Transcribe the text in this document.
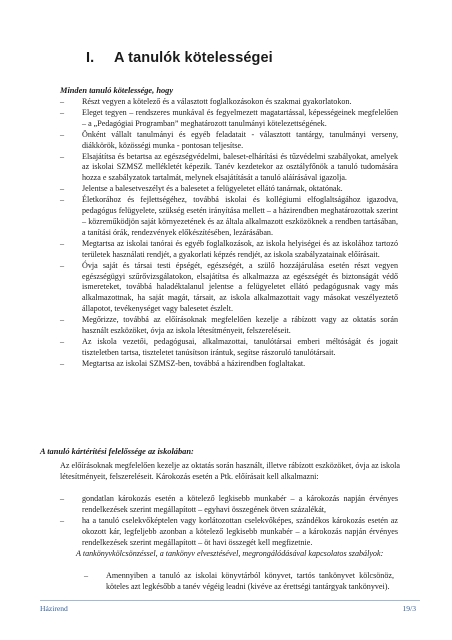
I. A tanulók kötelességei
Minden tanuló kötelessége, hogy
– Részt vegyen a kötelező és a választott foglalkozásokon és szakmai gyakorlatokon.
– Eleget tegyen – rendszeres munkával és fegyelmezett magatartással, képességeinek megfelelően – a „Pedagógiai Programban” meghatározott tanulmányi kötelezettségének.
– Önként vállalt tanulmányi és egyéb feladatait - választott tantárgy, tanulmányi verseny, diákkörök, közösségi munka - pontosan teljesítse.
– Elsajátítsa és betartsa az egészségvédelmi, baleset-elhárítási és tűzvédelmi szabályokat, amelyek az iskolai SZMSZ mellékletét képezik. Tanév kezdetekor az osztályfőnök a tanuló tudomására hozza e szabályzatok tartalmát, melynek elsajátítását a tanuló aláírásával igazolja.
– Jelentse a balesetveszélyt és a balesetet a felügyeletet ellátó tanárnak, oktatónak.
– Életkorához és fejlettségéhez, továbbá iskolai és kollégiumi elfoglaltságához igazodva, pedagógus felügyelete, szükség esetén irányítása mellett – a házirendben meghatározottak szerint – közreműködjön saját környezetének és az általa alkalmazott eszközöknek a rendben tartásában, a tanítási órák, rendezvények előkészítésében, lezárásában.
– Megtartsa az iskolai tanórai és egyéb foglalkozások, az iskola helyiségei és az iskolához tartozó területek használati rendjét, a gyakorlati képzés rendjét, az iskola szabályzatainak előírásait.
– Óvja saját és társai testi épségét, egészségét, a szülő hozzájárulása esetén részt vegyen egészségügyi szűrővizsgálatokon, elsajátítsa és alkalmazza az egészségét és biztonságát védő ismereteket, továbbá haladéktalanul jelentse a felügyeletet ellátó pedagógusnak vagy más alkalmazottnak, ha saját magát, társait, az iskola alkalmazottait vagy másokat veszélyeztető állapotot, tevékenységet vagy balesetet észlelt.
– Megőrizze, továbbá az előírásoknak megfelelően kezelje a rábízott vagy az oktatás során használt eszközöket, óvja az iskola létesítményeit, felszereléseit.
– Az iskola vezetői, pedagógusai, alkalmazottai, tanulótársai emberi méltóságát és jogait tiszteletben tartsa, tiszteletet tanúsítson irántuk, segítse rászoruló tanulótársait.
– Megtartsa az iskolai SZMSZ-ben, továbbá a házirendben foglaltakat.
A tanuló kártérítési felelőssége az iskolában:

Az előírásoknak megfelelően kezelje az oktatás során használt, illetve rábízott eszközöket, óvja az iskola létesítményeit, felszereléseit. Károkozás esetén a Ptk. előírásait kell alkalmazni:

– gondatlan károkozás esetén a kötelező legkisebb munkabér – a károkozás napján érvényes rendelkezések szerint megállapított – egyhavi összegének ötven százalékát,
– ha a tanuló cselekvőképtelen vagy korlátozottan cselekvőképes, szándékos károkozás esetén az okozott kár, legfeljebb azonban a kötelező legkisebb munkabér – a károkozás napján érvényes rendelkezések szerint megállapított – öt havi összegét kell megfizetnie.

A tankönyvkölcsönzéssel, a tankönyv elvesztésével, megrongálódásával kapcsolatos szabályok:

– Amennyiben a tanuló az iskolai könyvtárból könyvet, tartós tankönyvet kölcsönöz, köteles azt legkésőbb a tanév végéig leadni (kivéve az érettségi tantárgyak tankönyvei).
Házirend	19/3
